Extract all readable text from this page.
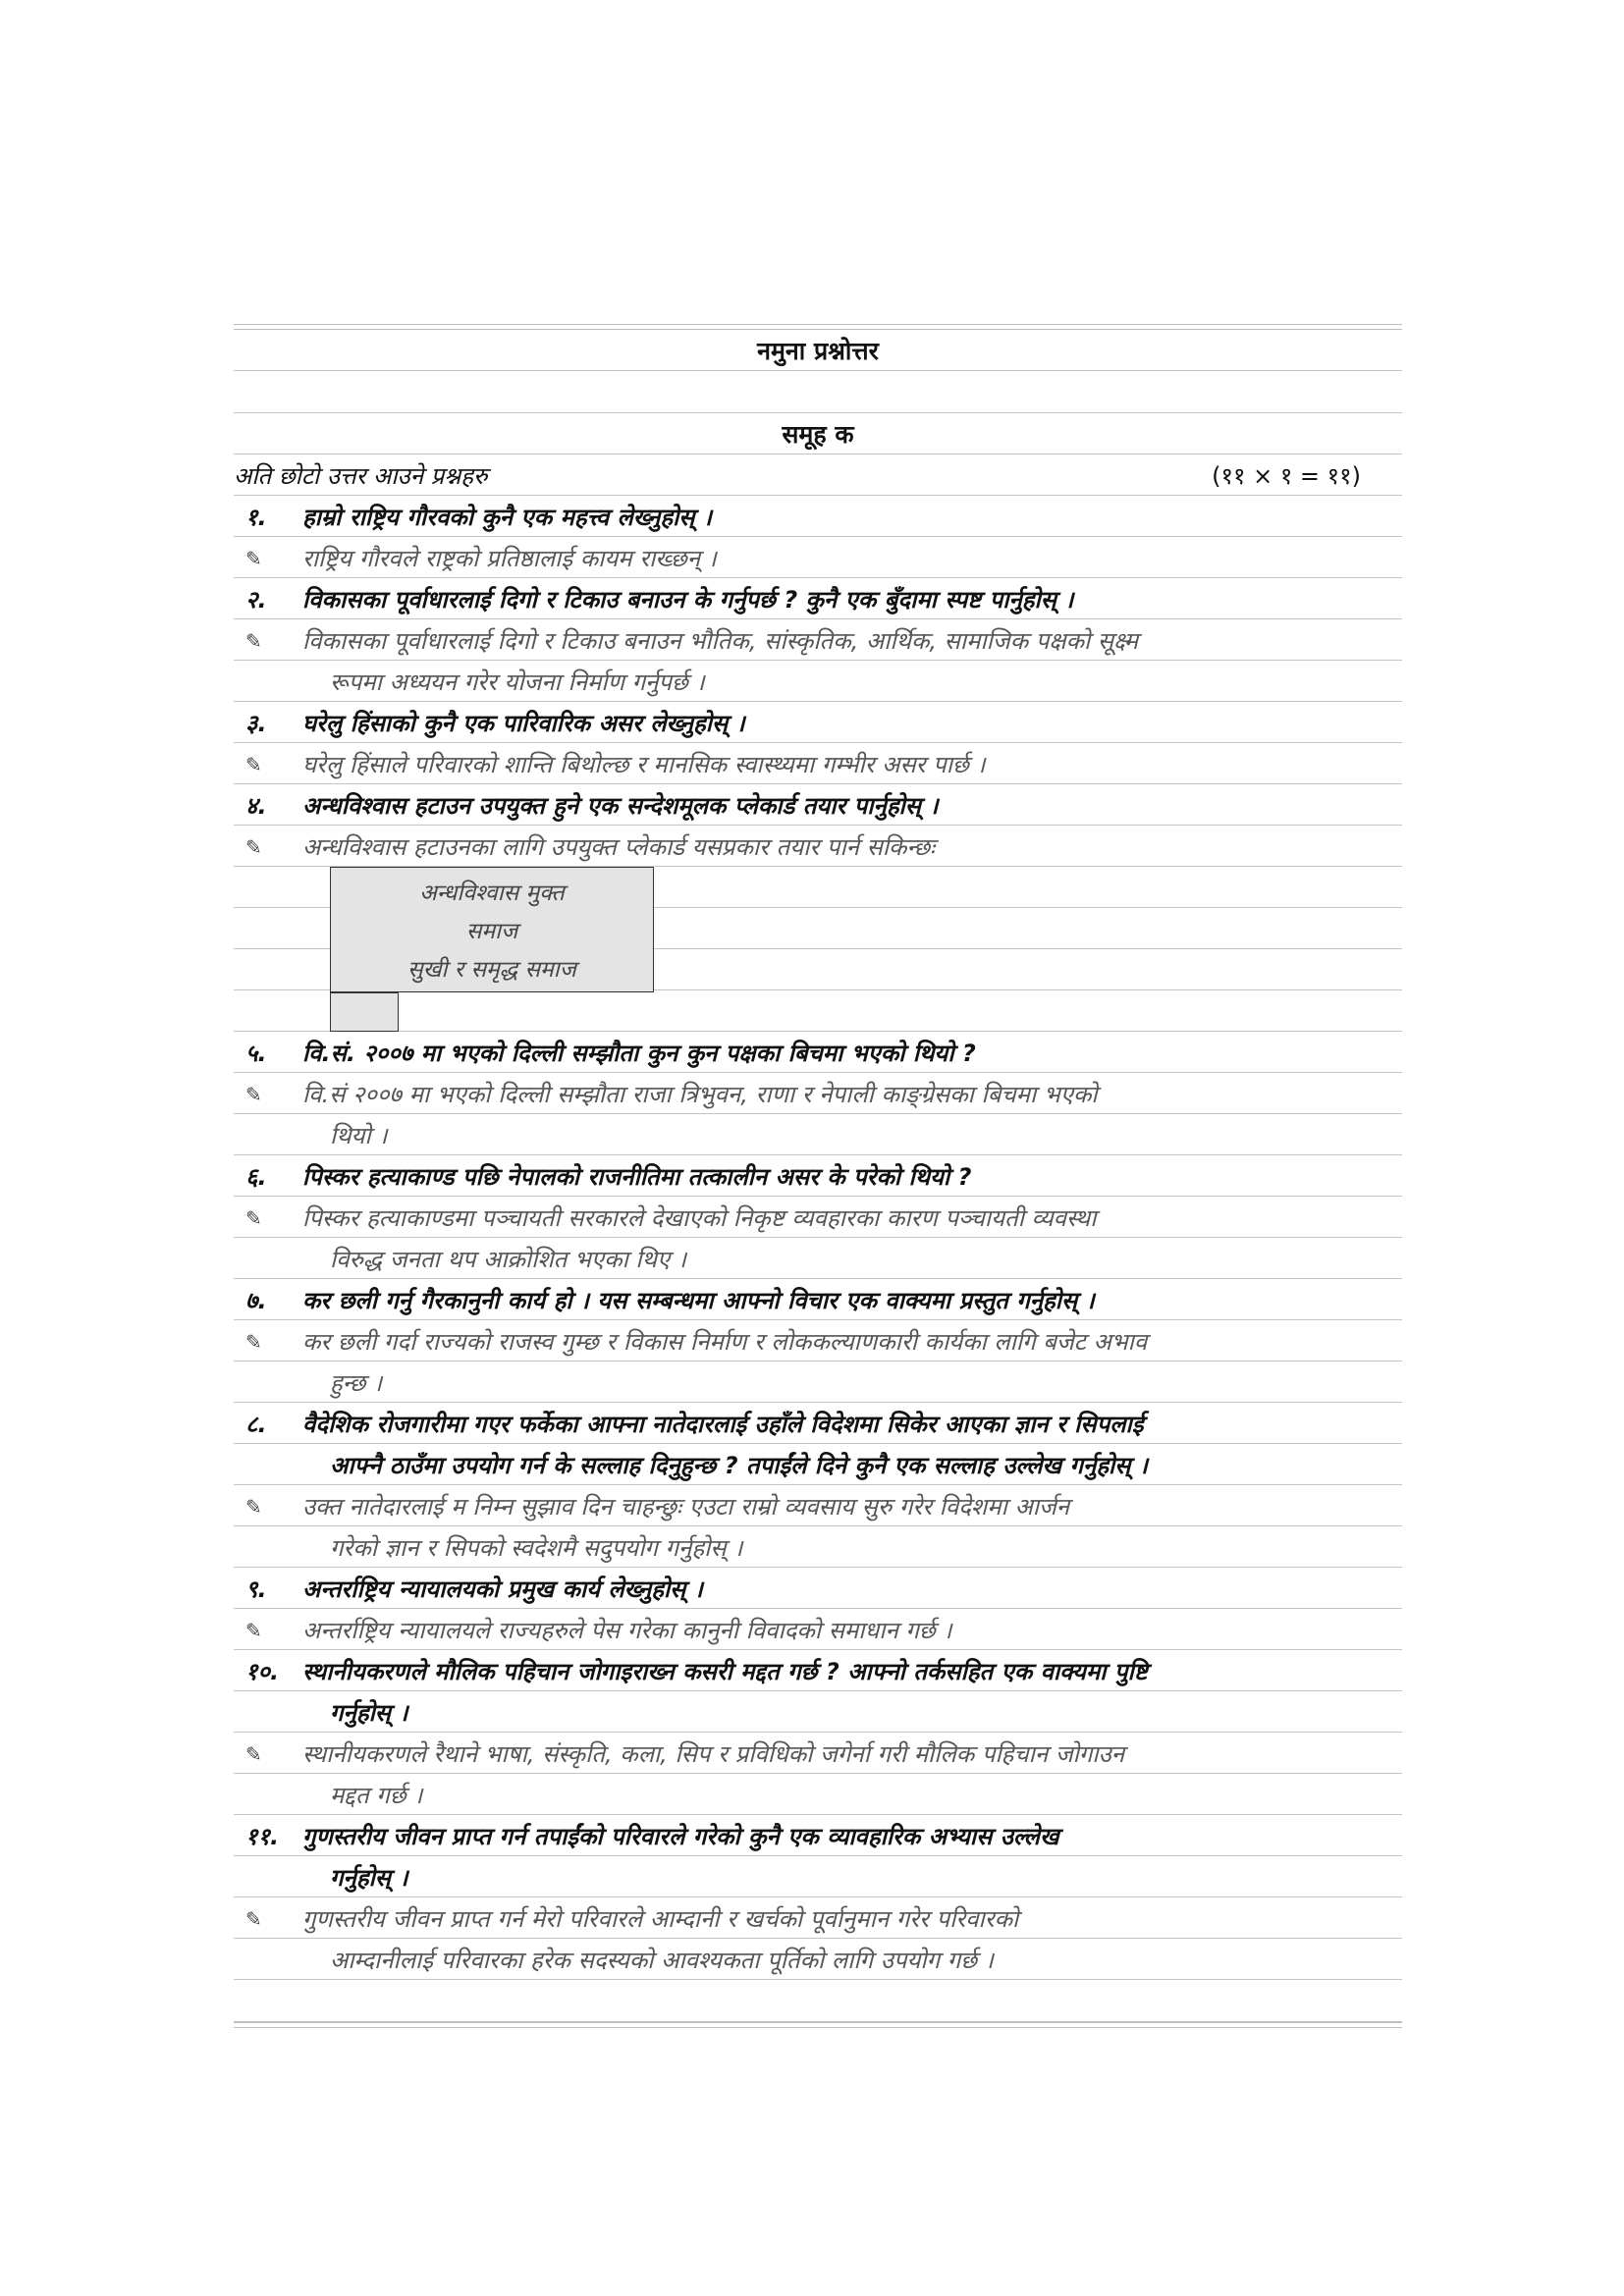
नमुना प्रश्नोत्तर
समूह क
अति छोटो उत्तर आउने प्रश्नहरु	(११ × १ = ११)
१.	हाम्रो राष्ट्रिय गौरवको कुनै एक महत्त्व लेख्नुहोस् ।
✎	राष्ट्रिय गौरवले राष्ट्रको प्रतिष्ठालाई कायम राख्छन् ।
२.	विकासका पूर्वाधारलाई दिगो र टिकाउ बनाउन के गर्नुपर्छ ? कुनै एक बुँदामा स्पष्ट पार्नुहोस् ।
✎	विकासका पूर्वाधारलाई दिगो र टिकाउ बनाउन भौतिक, सांस्कृतिक, आर्थिक, सामाजिक पक्षको सूक्ष्म
रूपमा अध्ययन गरेर योजना निर्माण गर्नुपर्छ ।
३.	घरेलु हिंसाको कुनै एक पारिवारिक असर लेख्नुहोस् ।
✎	घरेलु हिंसाले परिवारको शान्ति बिथोल्छ र मानसिक स्वास्थ्यमा गम्भीर असर पार्छ ।
४.	अन्धविश्वास हटाउन उपयुक्त हुने एक सन्देशमूलक प्लेकार्ड तयार पार्नुहोस् ।
✎	अन्धविश्वास हटाउनका लागि उपयुक्त प्लेकार्ड यसप्रकार तयार पार्न सकिन्छः
अन्धविश्वास मुक्त
समाज
सुखी र समृद्ध समाज
५.	वि.सं. २००७ मा भएको दिल्ली सम्झौता कुन कुन पक्षका बिचमा भएको थियो ?
✎	वि.सं २००७ मा भएको दिल्ली सम्झौता राजा त्रिभुवन, राणा र नेपाली काङ्ग्रेसका बिचमा भएको
थियो ।
६.	पिस्कर हत्याकाण्ड पछि नेपालको राजनीतिमा तत्कालीन असर के परेको थियो ?
✎	पिस्कर हत्याकाण्डमा पञ्चायती सरकारले देखाएको निकृष्ट व्यवहारका कारण पञ्चायती व्यवस्था
विरुद्ध जनता थप आक्रोशित भएका थिए ।
७.	कर छली गर्नु गैरकानुनी कार्य हो । यस सम्बन्धमा आफ्नो विचार एक वाक्यमा प्रस्तुत गर्नुहोस् ।
✎	कर छली गर्दा राज्यको राजस्व गुम्छ र विकास निर्माण र लोककल्याणकारी कार्यका लागि बजेट अभाव
हुन्छ ।
८.	वैदेशिक रोजगारीमा गएर फर्केका आफ्ना नातेदारलाई उहाँले विदेशमा सिकेर आएका ज्ञान र सिपलाई
आफ्नै ठाउँमा उपयोग गर्न के सल्लाह दिनुहुन्छ ? तपाईंले दिने कुनै एक सल्लाह उल्लेख गर्नुहोस् ।
✎	उक्त नातेदारलाई म निम्न सुझाव दिन चाहन्छुः एउटा राम्रो व्यवसाय सुरु गरेर विदेशमा आर्जन
गरेको ज्ञान र सिपको स्वदेशमै सदुपयोग गर्नुहोस् ।
९.	अन्तर्राष्ट्रिय न्यायालयको प्रमुख कार्य लेख्नुहोस् ।
✎	अन्तर्राष्ट्रिय न्यायालयले राज्यहरुले पेस गरेका कानुनी विवादको समाधान गर्छ ।
१०. स्थानीयकरणले मौलिक पहिचान जोगाइराख्न कसरी मद्दत गर्छ ? आफ्नो तर्कसहित एक वाक्यमा पुष्टि
गर्नुहोस् ।
✎	स्थानीयकरणले रैथाने भाषा, संस्कृति, कला, सिप र प्रविधिको जगेर्ना गरी मौलिक पहिचान जोगाउन
मद्दत गर्छ ।
११. गुणस्तरीय जीवन प्राप्त गर्न तपाईंको परिवारले गरेको कुनै एक व्यावहारिक अभ्यास उल्लेख
गर्नुहोस् ।
✎	गुणस्तरीय जीवन प्राप्त गर्न मेरो परिवारले आम्दानी र खर्चको पूर्वानुमान गरेर परिवारको
आम्दानीलाई परिवारका हरेक सदस्यको आवश्यकता पूर्तिको लागि उपयोग गर्छ ।
